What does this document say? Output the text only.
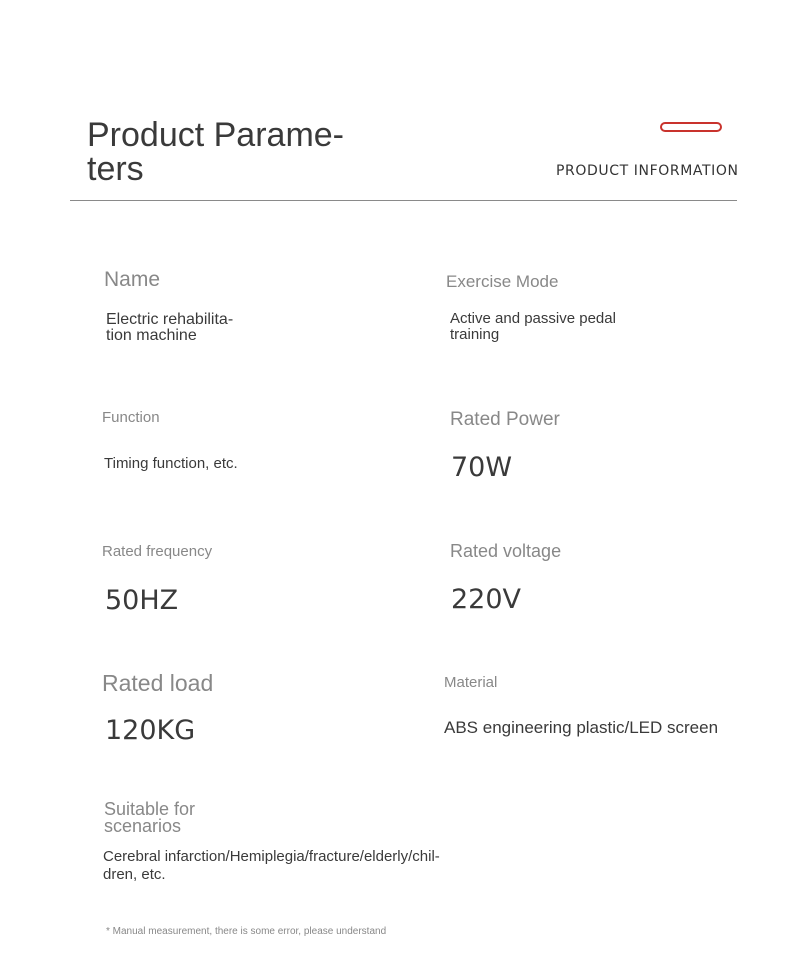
Product Parame-
ters	PRODUCT INFORMATION
Name
Electric rehabilita-
tion machine
Exercise Mode
Active and passive pedal
training
Function
Timing function, etc.
Rated Power
70W
Rated frequency
50HZ
Rated voltage
220V
Rated load
120KG
Material
ABS engineering plastic/LED screen
Suitable for
scenarios
Cerebral infarction/Hemiplegia/fracture/elderly/chil-
dren, etc.
* Manual measurement, there is some error, please understand
